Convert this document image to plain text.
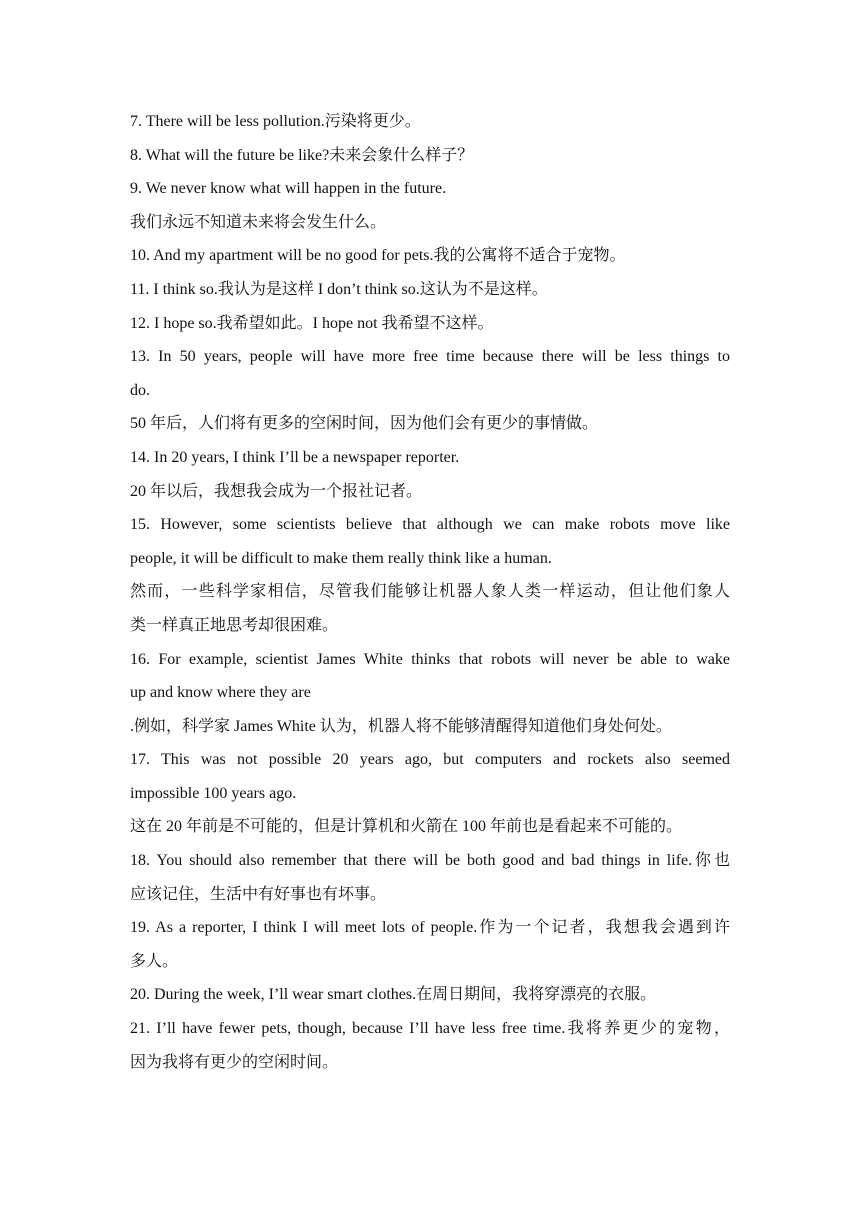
7. There will be less pollution.污染将更少。
8. What will the future be like?未来会象什么样子？
9. We never know what will happen in the future.
我们永远不知道未来将会发生什么。
10. And my apartment will be no good for pets.我的公寓将不适合于宠物。
11. I think so.我认为是这样 I don’t think so.这认为不是这样。
12. I hope so.我希望如此。I hope not 我希望不这样。
13. In 50 years, people will have more free time because there will be less things to
do.
50 年后，人们将有更多的空闲时间，因为他们会有更少的事情做。
14. In 20 years, I think I’ll be a newspaper reporter.
20 年以后，我想我会成为一个报社记者。
15. However, some scientists believe that although we can make robots move like
people, it will be difficult to make them really think like a human.
然而，一些科学家相信，尽管我们能够让机器人象人类一样运动，但让他们象人
类一样真正地思考却很困难。
16. For example, scientist James White thinks that robots will never be able to wake
up and know where they are
.例如，科学家 James White 认为，机器人将不能够清醒得知道他们身处何处。
17. This was not possible 20 years ago, but computers and rockets also seemed
impossible 100 years ago.
这在 20 年前是不可能的，但是计算机和火箭在 100 年前也是看起来不可能的。
18. You should also remember that there will be both good and bad things in life.你也
应该记住，生活中有好事也有坏事。
19. As a reporter, I think I will meet lots of people.作为一个记者，我想我会遇到许
多人。
20. During the week, I’ll wear smart clothes.在周日期间，我将穿漂亮的衣服。
21. I’ll have fewer pets, though, because I’ll have less free time.我将养更少的宠物，
因为我将有更少的空闲时间。
